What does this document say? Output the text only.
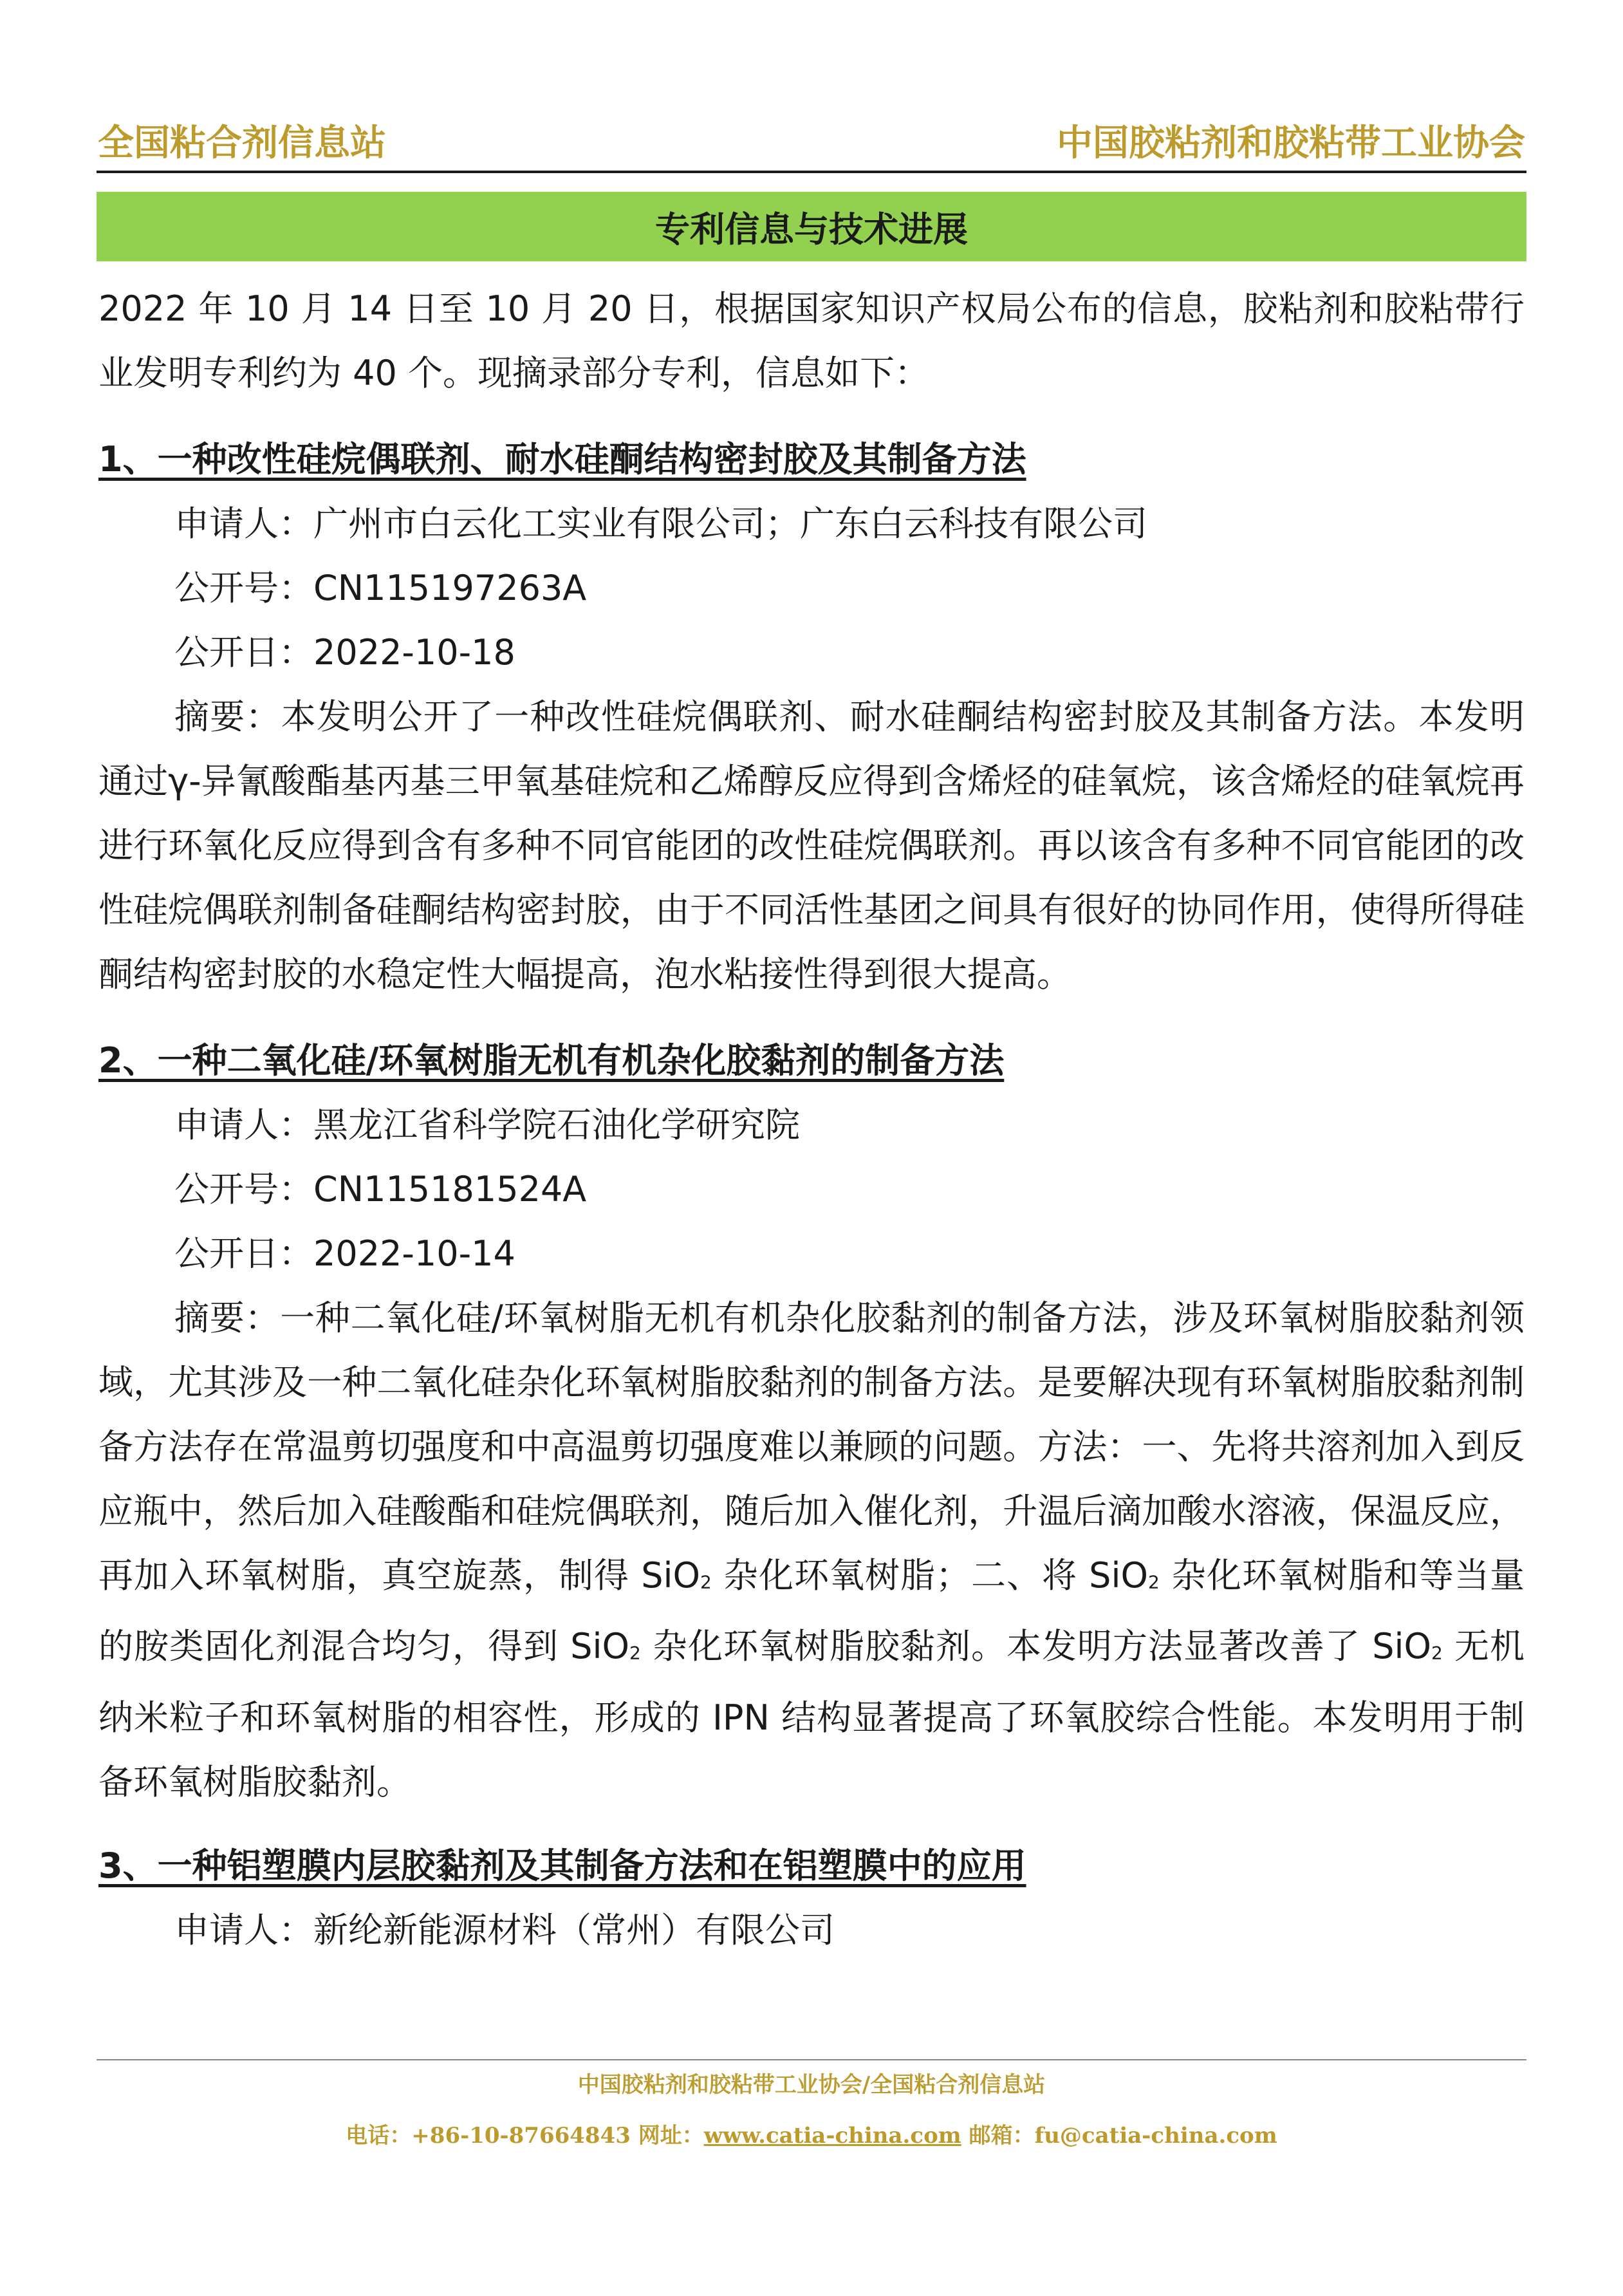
全国粘合剂信息站	中国胶粘剂和胶粘带工业协会
专利信息与技术进展

2022 年 10 月 14 日至 10 月 20 日，根据国家知识产权局公布的信息，胶粘剂和胶粘带行业发明专利约为 40 个。现摘录部分专利，信息如下：

1、一种改性硅烷偶联剂、耐水硅酮结构密封胶及其制备方法

申请人：广州市白云化工实业有限公司；广东白云科技有限公司

公开号：CN115197263A

公开日：2022-10-18

摘要：本发明公开了一种改性硅烷偶联剂、耐水硅酮结构密封胶及其制备方法。本发明通过γ-异氰酸酯基丙基三甲氧基硅烷和乙烯醇反应得到含烯烃的硅氧烷，该含烯烃的硅氧烷再进行环氧化反应得到含有多种不同官能团的改性硅烷偶联剂。再以该含有多种不同官能团的改性硅烷偶联剂制备硅酮结构密封胶，由于不同活性基团之间具有很好的协同作用，使得所得硅酮结构密封胶的水稳定性大幅提高，泡水粘接性得到很大提高。

2、一种二氧化硅/环氧树脂无机有机杂化胶黏剂的制备方法

申请人：黑龙江省科学院石油化学研究院

公开号：CN115181524A

公开日：2022-10-14

摘要：一种二氧化硅/环氧树脂无机有机杂化胶黏剂的制备方法，涉及环氧树脂胶黏剂领域，尤其涉及一种二氧化硅杂化环氧树脂胶黏剂的制备方法。是要解决现有环氧树脂胶黏剂制备方法存在常温剪切强度和中高温剪切强度难以兼顾的问题。方法：一、先将共溶剂加入到反应瓶中，然后加入硅酸酯和硅烷偶联剂，随后加入催化剂，升温后滴加酸水溶液，保温反应，再加入环氧树脂，真空旋蒸，制得 SiO2 杂化环氧树脂；二、将 SiO2 杂化环氧树脂和等当量的胺类固化剂混合均匀，得到 SiO2 杂化环氧树脂胶黏剂。本发明方法显著改善了 SiO2 无机纳米粒子和环氧树脂的相容性，形成的 IPN 结构显著提高了环氧胶综合性能。本发明用于制备环氧树脂胶黏剂。

3、一种铝塑膜内层胶黏剂及其制备方法和在铝塑膜中的应用

申请人：新纶新能源材料（常州）有限公司

中国胶粘剂和胶粘带工业协会/全国粘合剂信息站
电话：+86-10-87664843 网址：www.catia-china.com 邮箱：fu@catia-china.com
